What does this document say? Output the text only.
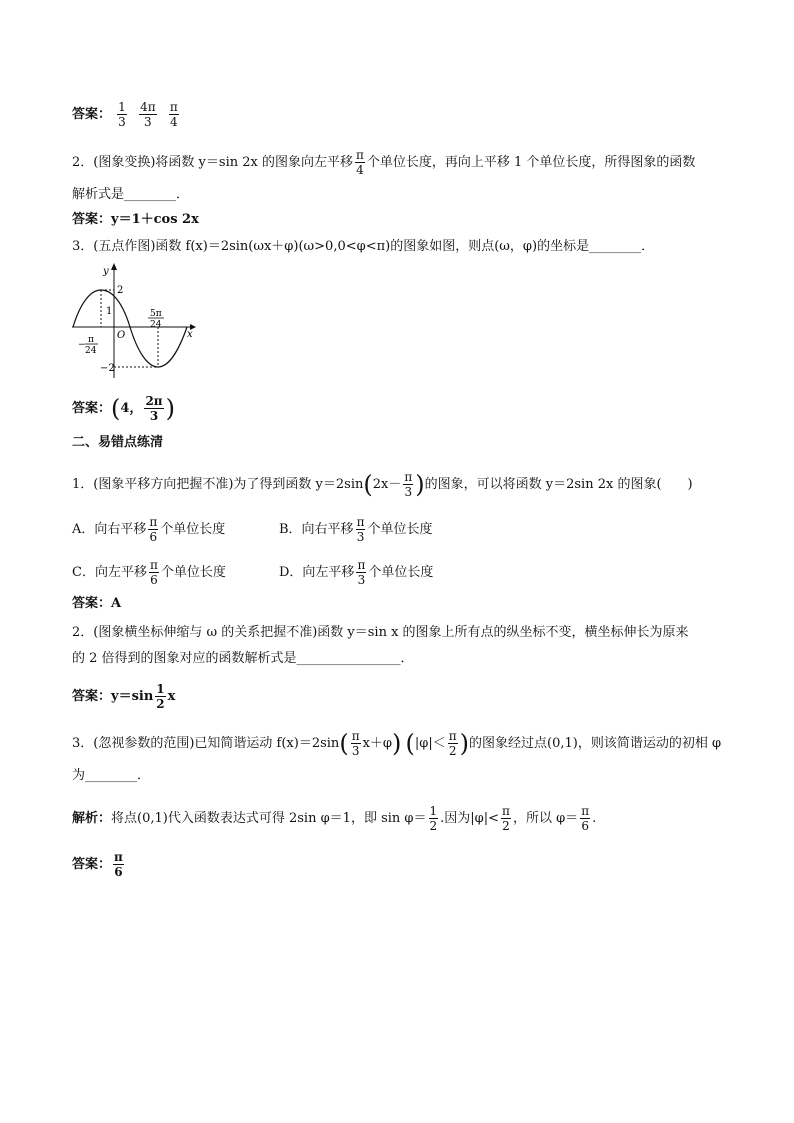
答案： $\frac{1}{3}$
$\frac{4\pi}{3}$
$\frac{\pi}{4}$
2．(图象变换)将函数 y＝sin 2x 的图象向左平移 $\frac{\pi}{4}$ 个单位长度，再向上平移 1 个单位长度，所得图象的函数
解析式是________．
答案：y＝1＋cos 2x
3．(五点作图)函数 f(x)＝2sin(ωx＋φ)(ω>0,0<φ<π)的图象如图，则点(ω，φ)的坐标是________．
y
x
2
1
O
−2
π
−
24
5π
24
答案：(4， $\frac{2\pi}{3}$ )
二、易错点练清
1．(图象平移方向把握不准)为了得到函数 $y=2\sin(2x- \frac{\pi}{3}$ )的图象，可以将函数 y＝2sin 2x 的图象(　　)
A．向右平移 $\frac{\pi}{6}$ 个单位长度	B．向右平移 $\frac{\pi}{3}$ 个单位长度
C．向左平移 $\frac{\pi}{6}$ 个单位长度	D．向左平移 $\frac{\pi}{3}$ 个单位长度
答案：A
2．(图象横坐标伸缩与 ω 的关系把握不准)函数 y＝sin x 的图象上所有点的纵坐标不变，横坐标伸长为原来
的 2 倍得到的图象对应的函数解析式是________________．
答案：$y=\sin \frac{1}{2}$ x
3．(忽视参数的范围)已知简谐运动 $f(x)=2\sin( \frac{\pi}{3} x+\varphi)$ ($|\varphi|< \frac{\pi}{2}$ )的图象经过点(0,1)，则该简谐运动的初相 φ
为________．
解析：将点(0,1)代入函数表达式可得 2sin φ＝1，即 $\sin \varphi= \frac{1}{2}$ .因为$|\varphi|< \frac{\pi}{2}$ ，所以 $\varphi= \frac{\pi}{6}$ .
答案： $\frac{\pi}{6}$
